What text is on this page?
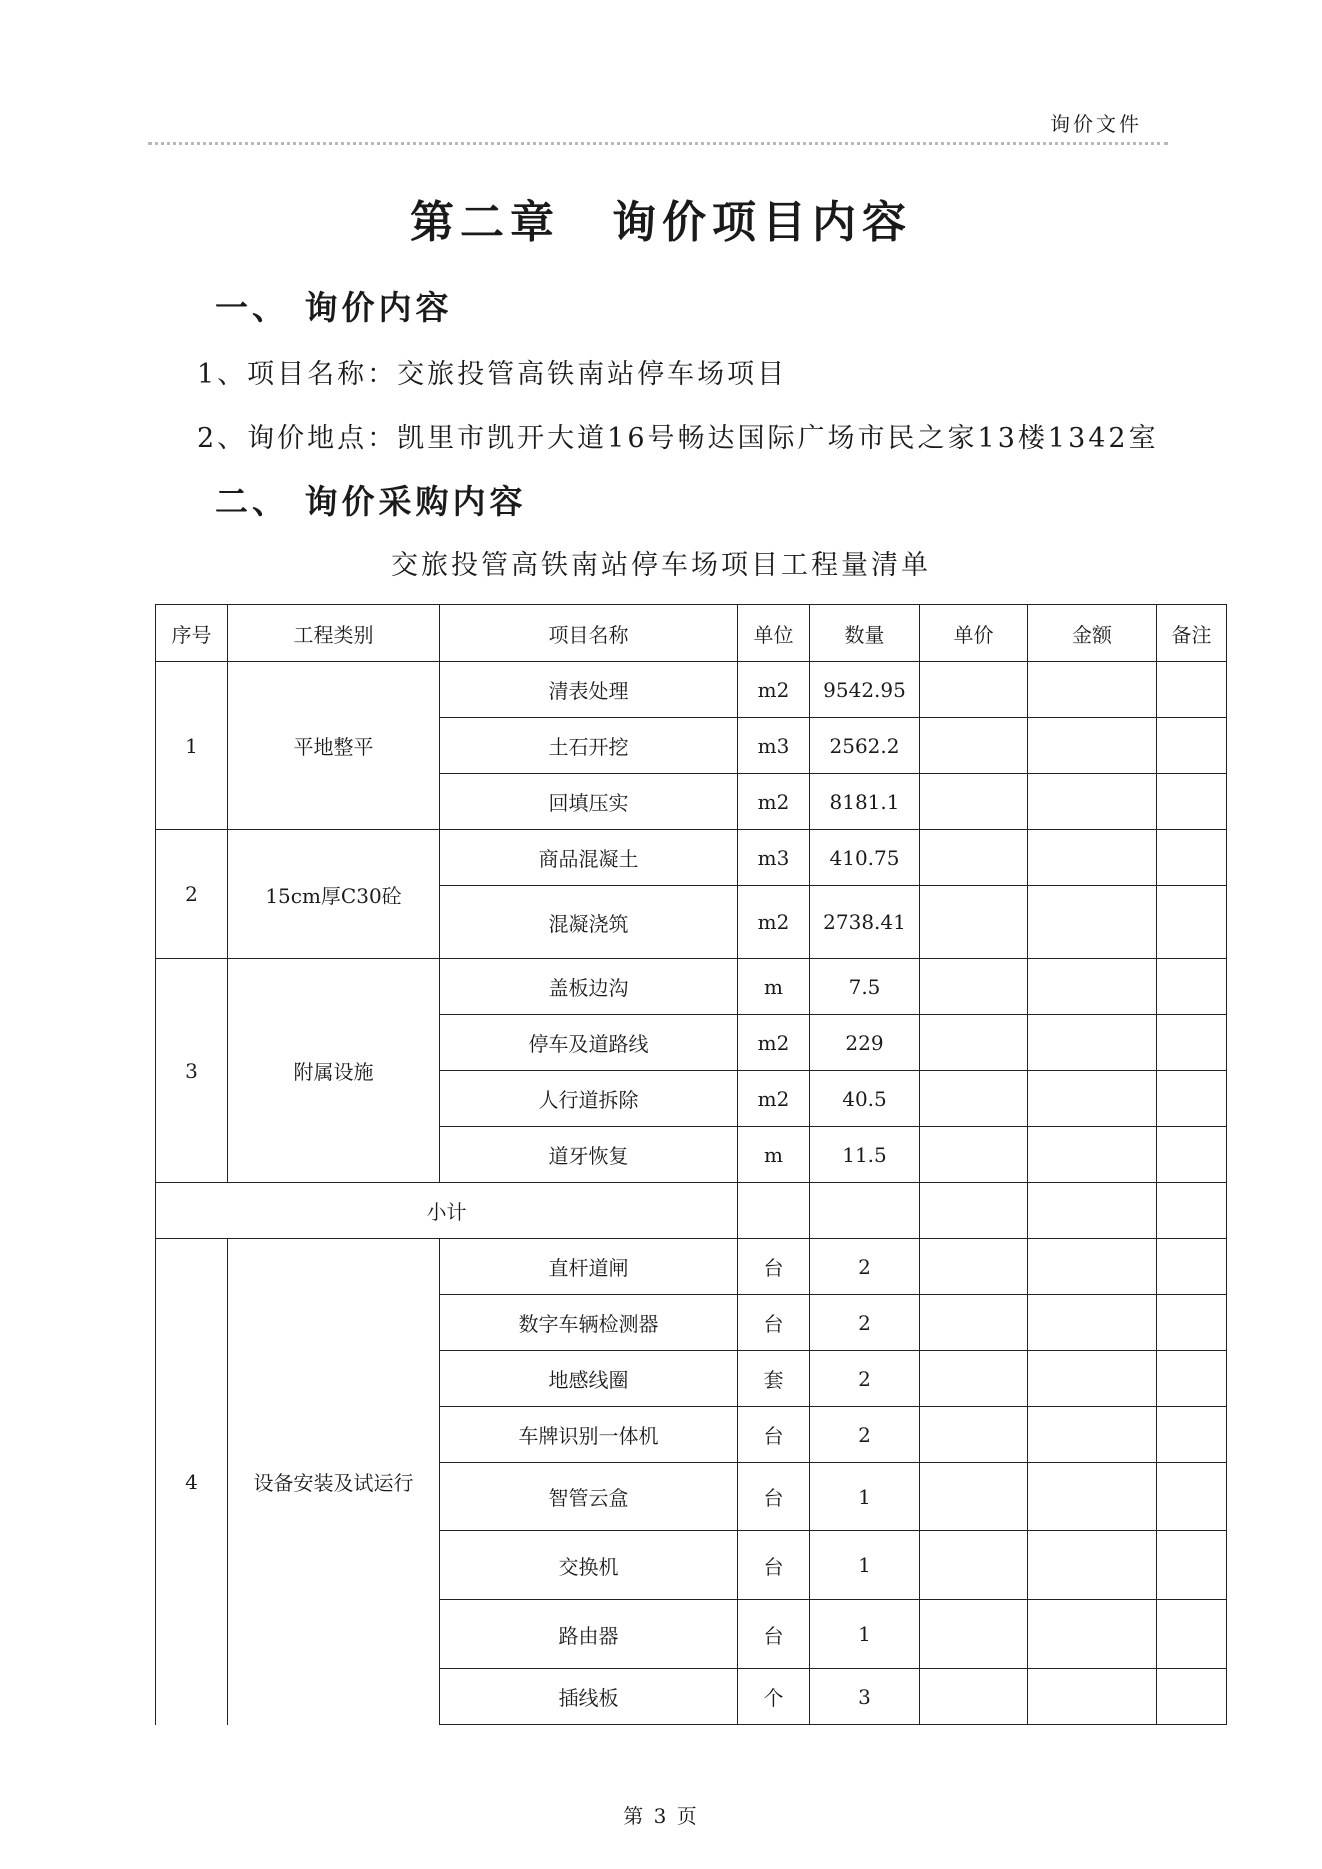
询价文件
第二章 询价项目内容
一、 询价内容
1、项目名称：交旅投管高铁南站停车场项目
2、询价地点：凯里市凯开大道16号畅达国际广场市民之家13楼1342室
二、 询价采购内容
交旅投管高铁南站停车场项目工程量清单
序号	工程类别	项目名称	单位	数量	单价	金额	备注
1	平地整平	清表处理	m2	9542.95			
		土石开挖	m3	2562.2			
		回填压实	m2	8181.1			
2	15cm厚C30砼	商品混凝土	m3	410.75			
		混凝浇筑	m2	2738.41			
3	附属设施	盖板边沟	m	7.5			
		停车及道路线	m2	229			
		人行道拆除	m2	40.5			
		道牙恢复	m	11.5			
小计							
4	设备安装及试运行	直杆道闸	台	2			
		数字车辆检测器	台	2			
		地感线圈	套	2			
		车牌识别一体机	台	2			
		智管云盒	台	1			
		交换机	台	1			
		路由器	台	1			
		插线板	个	3			
第 3 页
